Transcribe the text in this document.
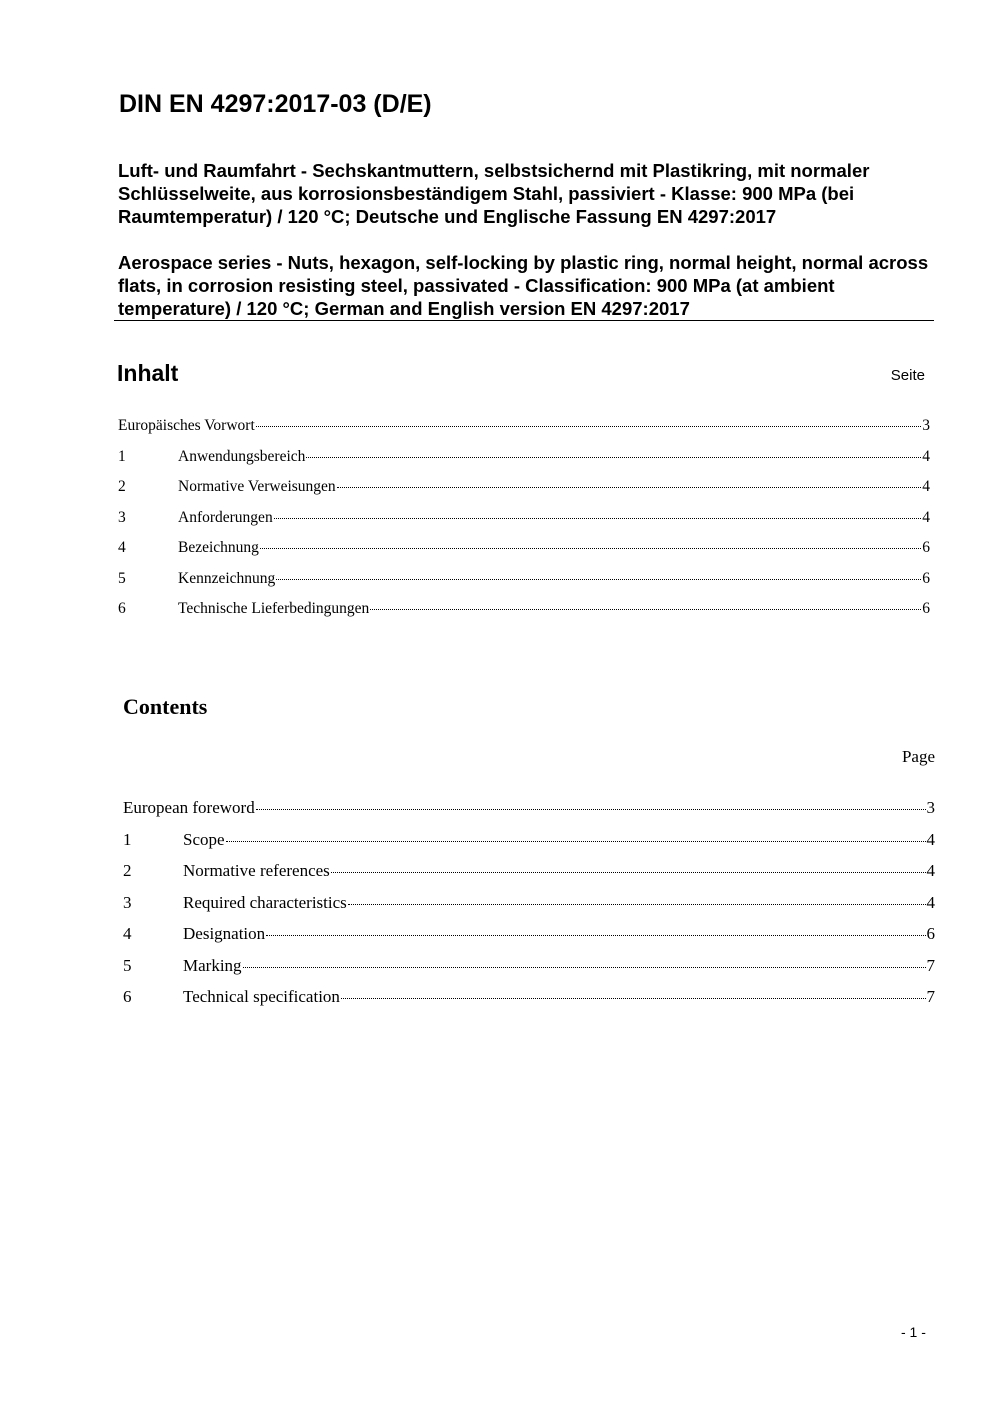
DIN EN 4297:2017-03 (D/E)

Luft- und Raumfahrt - Sechskantmuttern, selbstsichernd mit Plastikring, mit normaler Schlüsselweite, aus korrosionsbeständigem Stahl, passiviert - Klasse: 900 MPa (bei Raumtemperatur) / 120 °C; Deutsche und Englische Fassung EN 4297:2017

Aerospace series - Nuts, hexagon, self-locking by plastic ring, normal height, normal across flats, in corrosion resisting steel, passivated - Classification: 900 MPa (at ambient temperature) / 120 °C; German and English version EN 4297:2017

Inhalt	Seite
Europäisches Vorwort	3
1	Anwendungsbereich	4
2	Normative Verweisungen	4
3	Anforderungen	4
4	Bezeichnung	6
5	Kennzeichnung	6
6	Technische Lieferbedingungen	6
Contents
Page
European foreword	3
1	Scope	4
2	Normative references	4
3	Required characteristics	4
4	Designation	6
5	Marking	7
6	Technical specification	7
- 1 -
